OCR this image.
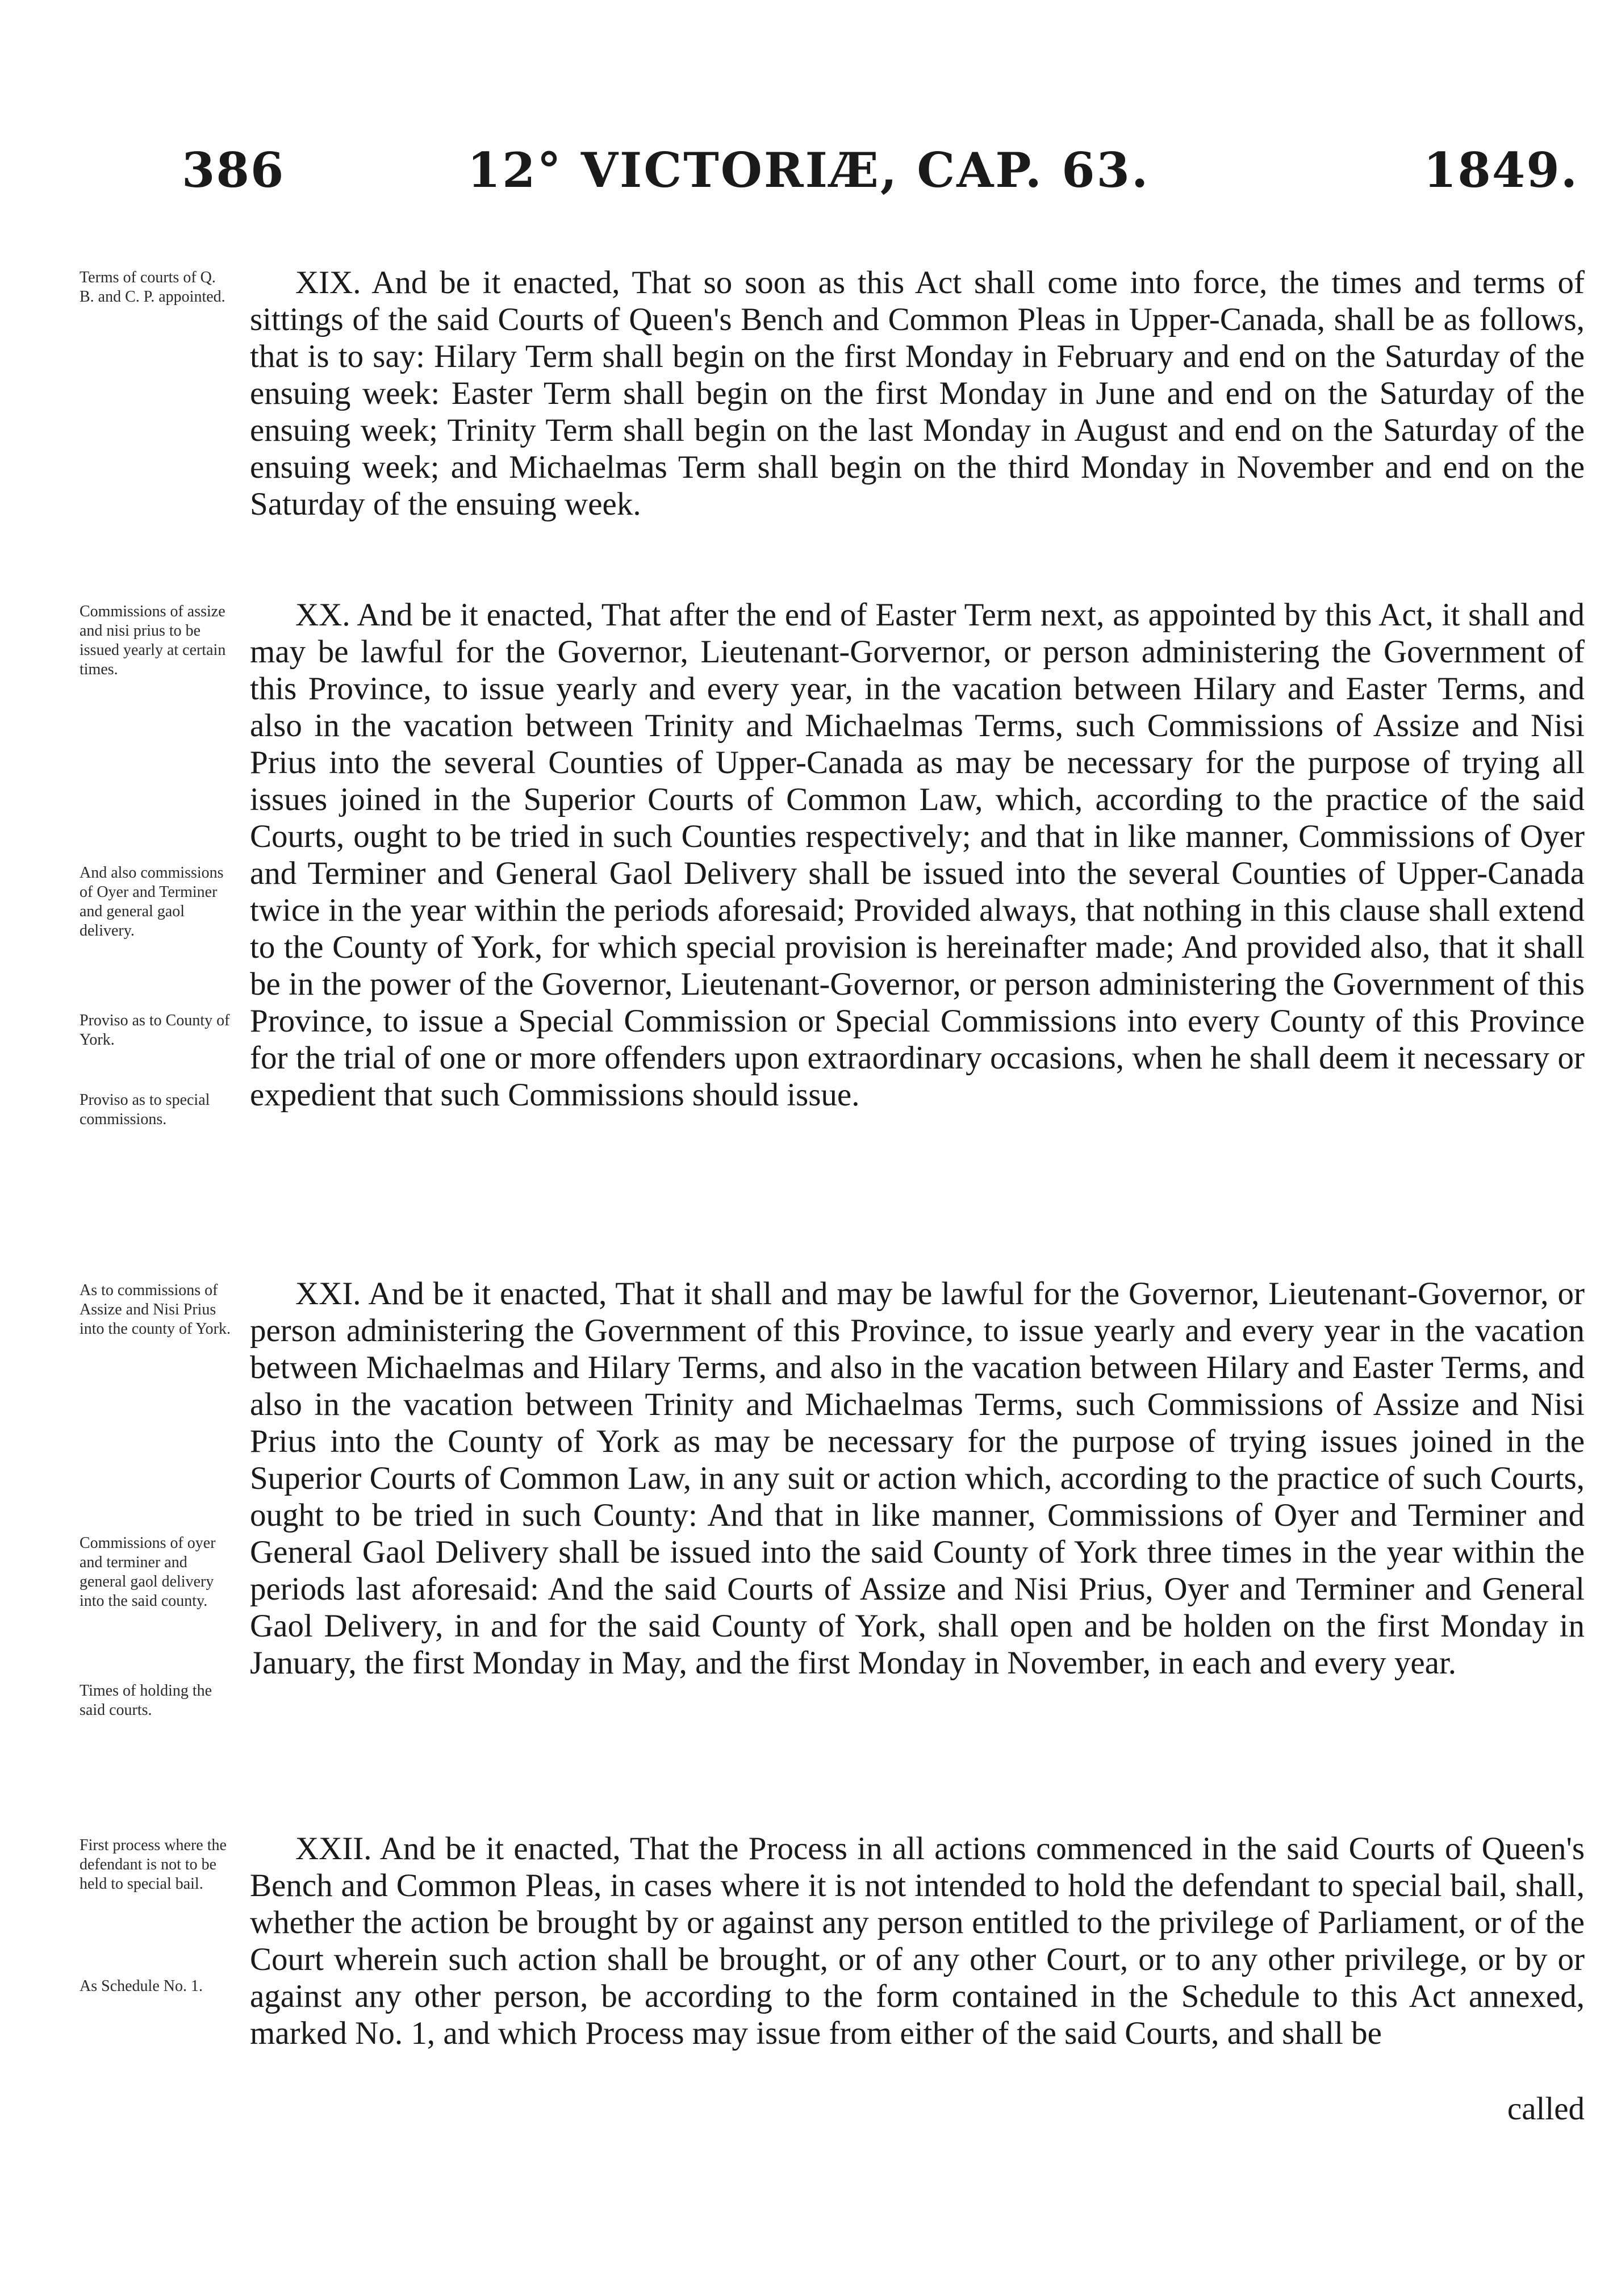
386	12° VICTORIÆ, CAP. 63.	1849.
Terms of courts of Q. B. and C. P. appointed.	XIX. And be it enacted, That so soon as this Act shall come into force, the times and terms of sittings of the said Courts of Queen's Bench and Common Pleas in Upper-Canada, shall be as follows, that is to say: Hilary Term shall begin on the first Monday in February and end on the Saturday of the ensuing week: Easter Term shall begin on the first Monday in June and end on the Saturday of the ensuing week; Trinity Term shall begin on the last Monday in August and end on the Saturday of the ensuing week; and Michaelmas Term shall begin on the third Monday in November and end on the Saturday of the ensuing week.

Commissions of assize and nisi prius to be issued yearly at certain times.
And also commissions of Oyer and Terminer and general gaol delivery.
Proviso as to County of York.
Proviso as to special commissions.

XX. And be it enacted, That after the end of Easter Term next, as appointed by this Act, it shall and may be lawful for the Governor, Lieutenant-Gorvernor, or person administering the Government of this Province, to issue yearly and every year, in the vacation between Hilary and Easter Terms, and also in the vacation between Trinity and Michaelmas Terms, such Commissions of Assize and Nisi Prius into the several Counties of Upper-Canada as may be necessary for the purpose of trying all issues joined in the Superior Courts of Common Law, which, according to the practice of the said Courts, ought to be tried in such Counties respectively; and that in like manner, Commissions of Oyer and Terminer and General Gaol Delivery shall be issued into the several Counties of Upper-Canada twice in the year within the periods aforesaid; Provided always, that nothing in this clause shall extend to the County of York, for which special provision is hereinafter made; And provided also, that it shall be in the power of the Governor, Lieutenant-Governor, or person administering the Government of this Province, to issue a Special Commission or Special Commissions into every County of this Province for the trial of one or more offenders upon extraordinary occasions, when he shall deem it necessary or expedient that such Commissions should issue.

As to commissions of Assize and Nisi Prius into the county of York.
Commissions of oyer and terminer and general gaol delivery into the said county.
Times of holding the said courts.

XXI. And be it enacted, That it shall and may be lawful for the Governor, Lieutenant-Governor, or person administering the Government of this Province, to issue yearly and every year in the vacation between Michaelmas and Hilary Terms, and also in the vacation between Hilary and Easter Terms, and also in the vacation between Trinity and Michaelmas Terms, such Commissions of Assize and Nisi Prius into the County of York as may be necessary for the purpose of trying issues joined in the Superior Courts of Common Law, in any suit or action which, according to the practice of such Courts, ought to be tried in such County: And that in like manner, Commissions of Oyer and Terminer and General Gaol Delivery shall be issued into the said County of York three times in the year within the periods last aforesaid: And the said Courts of Assize and Nisi Prius, Oyer and Terminer and General Gaol Delivery, in and for the said County of York, shall open and be holden on the first Monday in January, the first Monday in May, and the first Monday in November, in each and every year.

First process where the defendant is not to be held to special bail.
As Schedule No. 1.

XXII. And be it enacted, That the Process in all actions commenced in the said Courts of Queen's Bench and Common Pleas, in cases where it is not intended to hold the defendant to special bail, shall, whether the action be brought by or against any person entitled to the privilege of Parliament, or of the Court wherein such action shall be brought, or of any other Court, or to any other privilege, or by or against any other person, be according to the form contained in the Schedule to this Act annexed, marked No. 1, and which Process may issue from either of the said Courts, and shall be

called
